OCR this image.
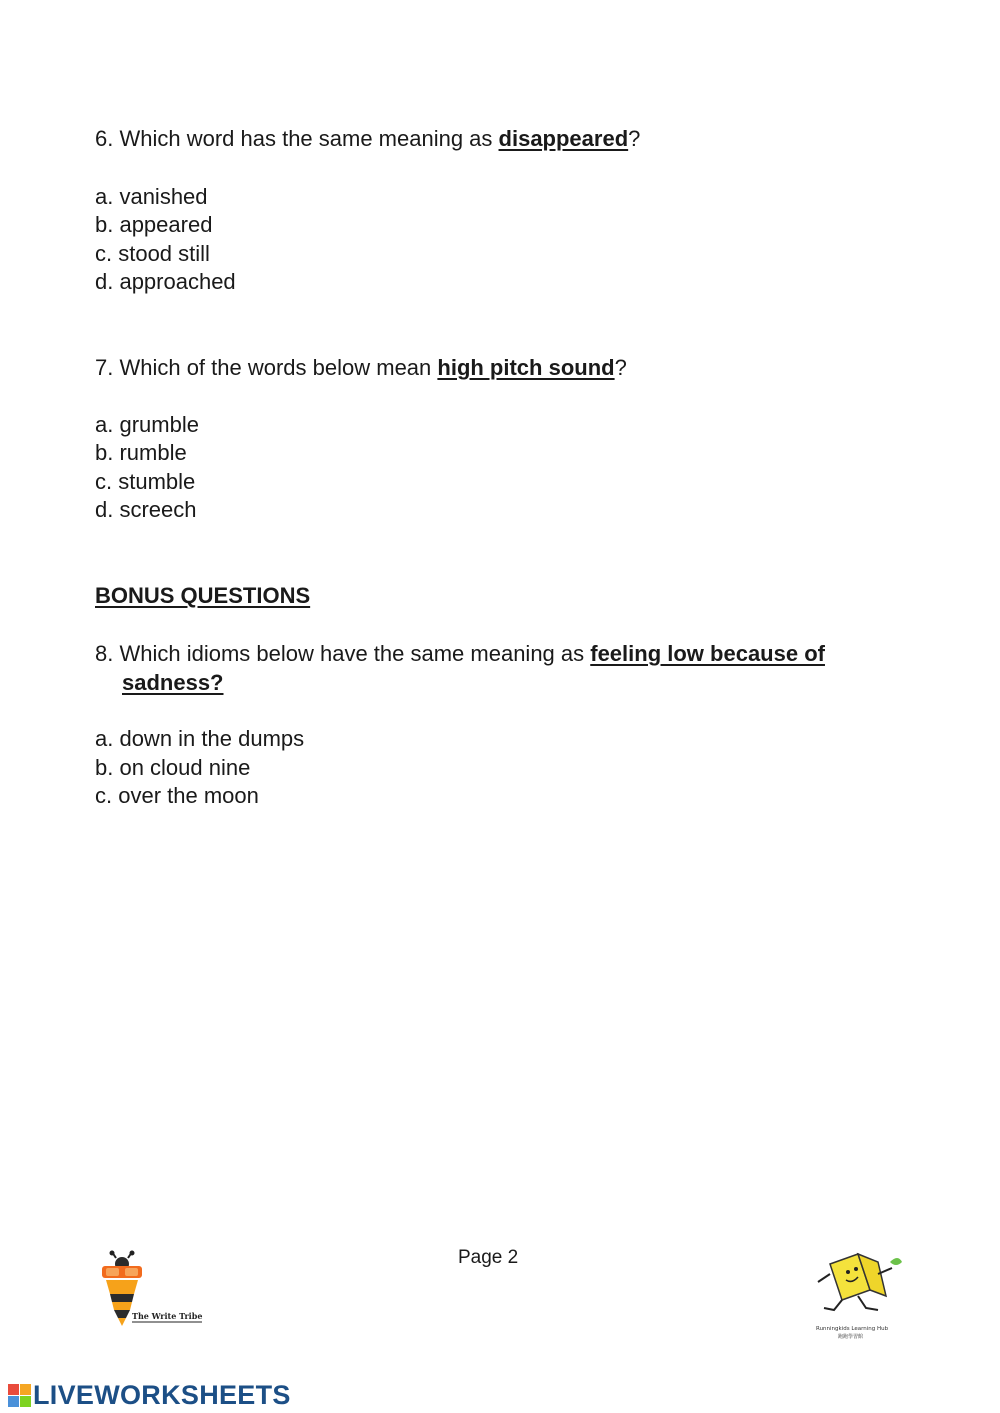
6. Which word has the same meaning as disappeared?
a. vanished
b. appeared
c. stood still
d. approached
7. Which of the words below mean high pitch sound?
a. grumble
b. rumble
c. stumble
d. screech
BONUS QUESTIONS
8. Which idioms below have the same meaning as feeling low because of
sadness?
a. down in the dumps
b. on cloud nine
c. over the moon
Page 2
The Write Tribe
Runningkids Learning Hub
跑跑學習館
LIVEWORKSHEETS
